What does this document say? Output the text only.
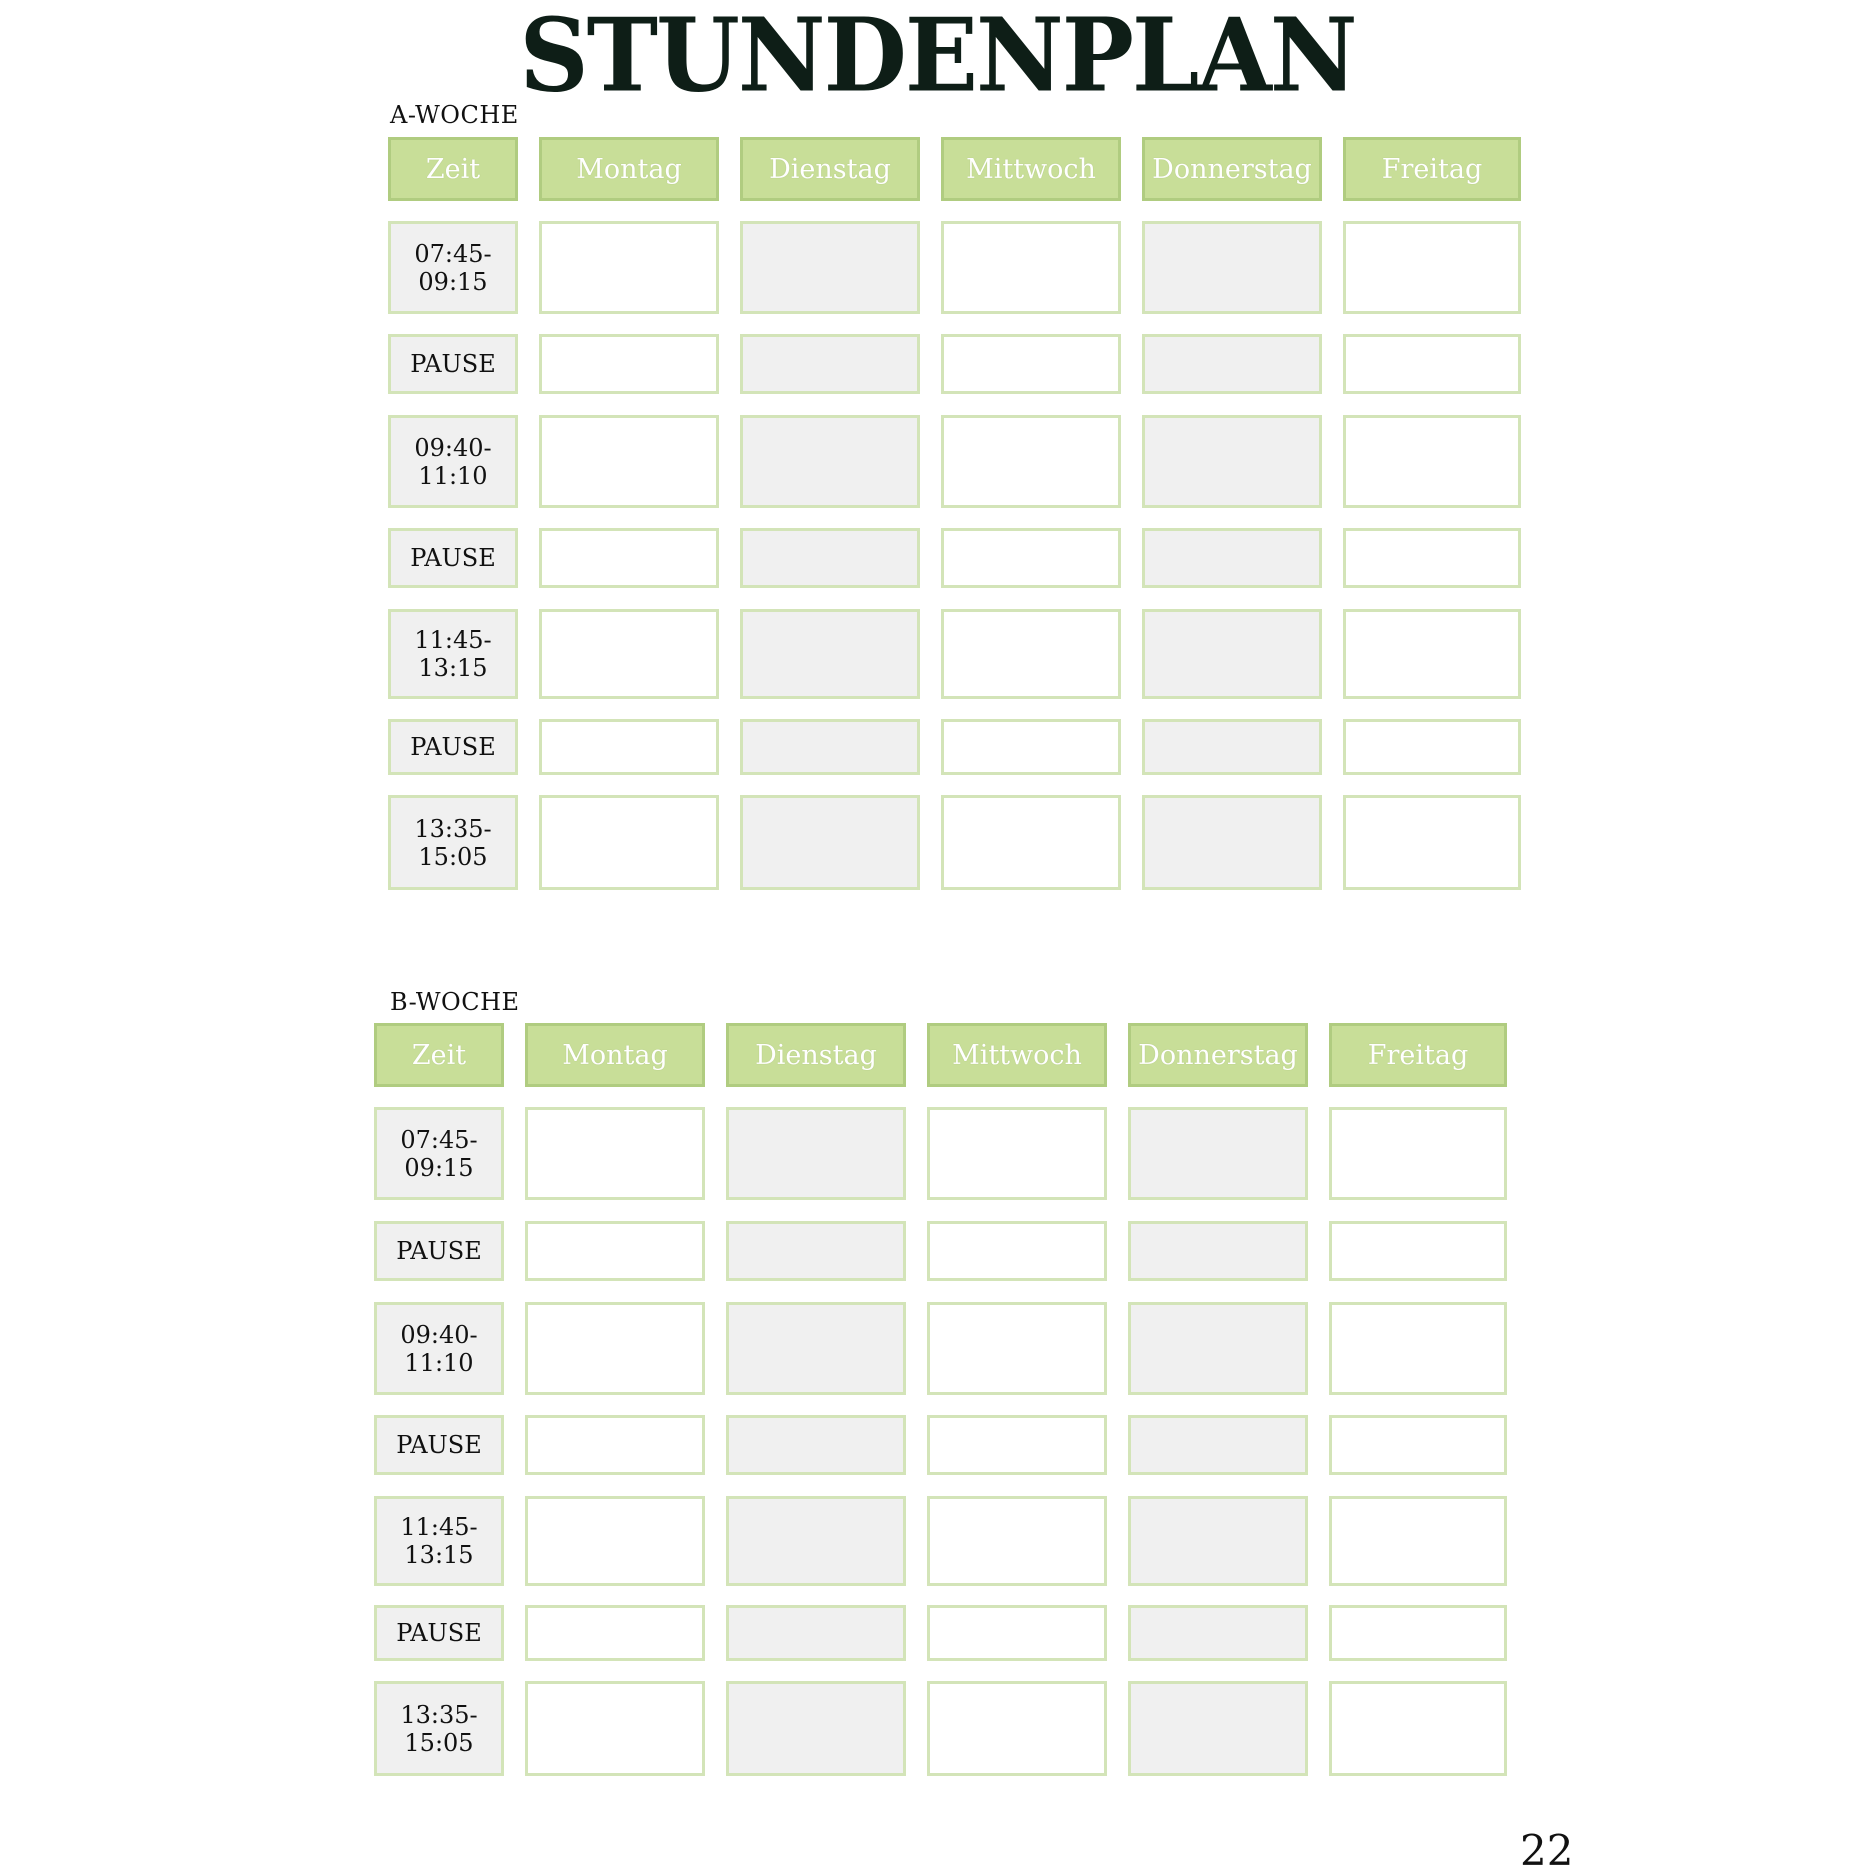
STUNDENPLAN
22
A-WOCHE
Zeit	Montag	Dienstag	Mittwoch	Donnerstag	Freitag
07:45-
09:15
PAUSE
09:40-
11:10
PAUSE
11:45-
13:15
PAUSE
13:35-
15:05
B-WOCHE
Zeit	Montag	Dienstag	Mittwoch	Donnerstag	Freitag
07:45-
09:15
PAUSE
09:40-
11:10
PAUSE
11:45-
13:15
PAUSE
13:35-
15:05
